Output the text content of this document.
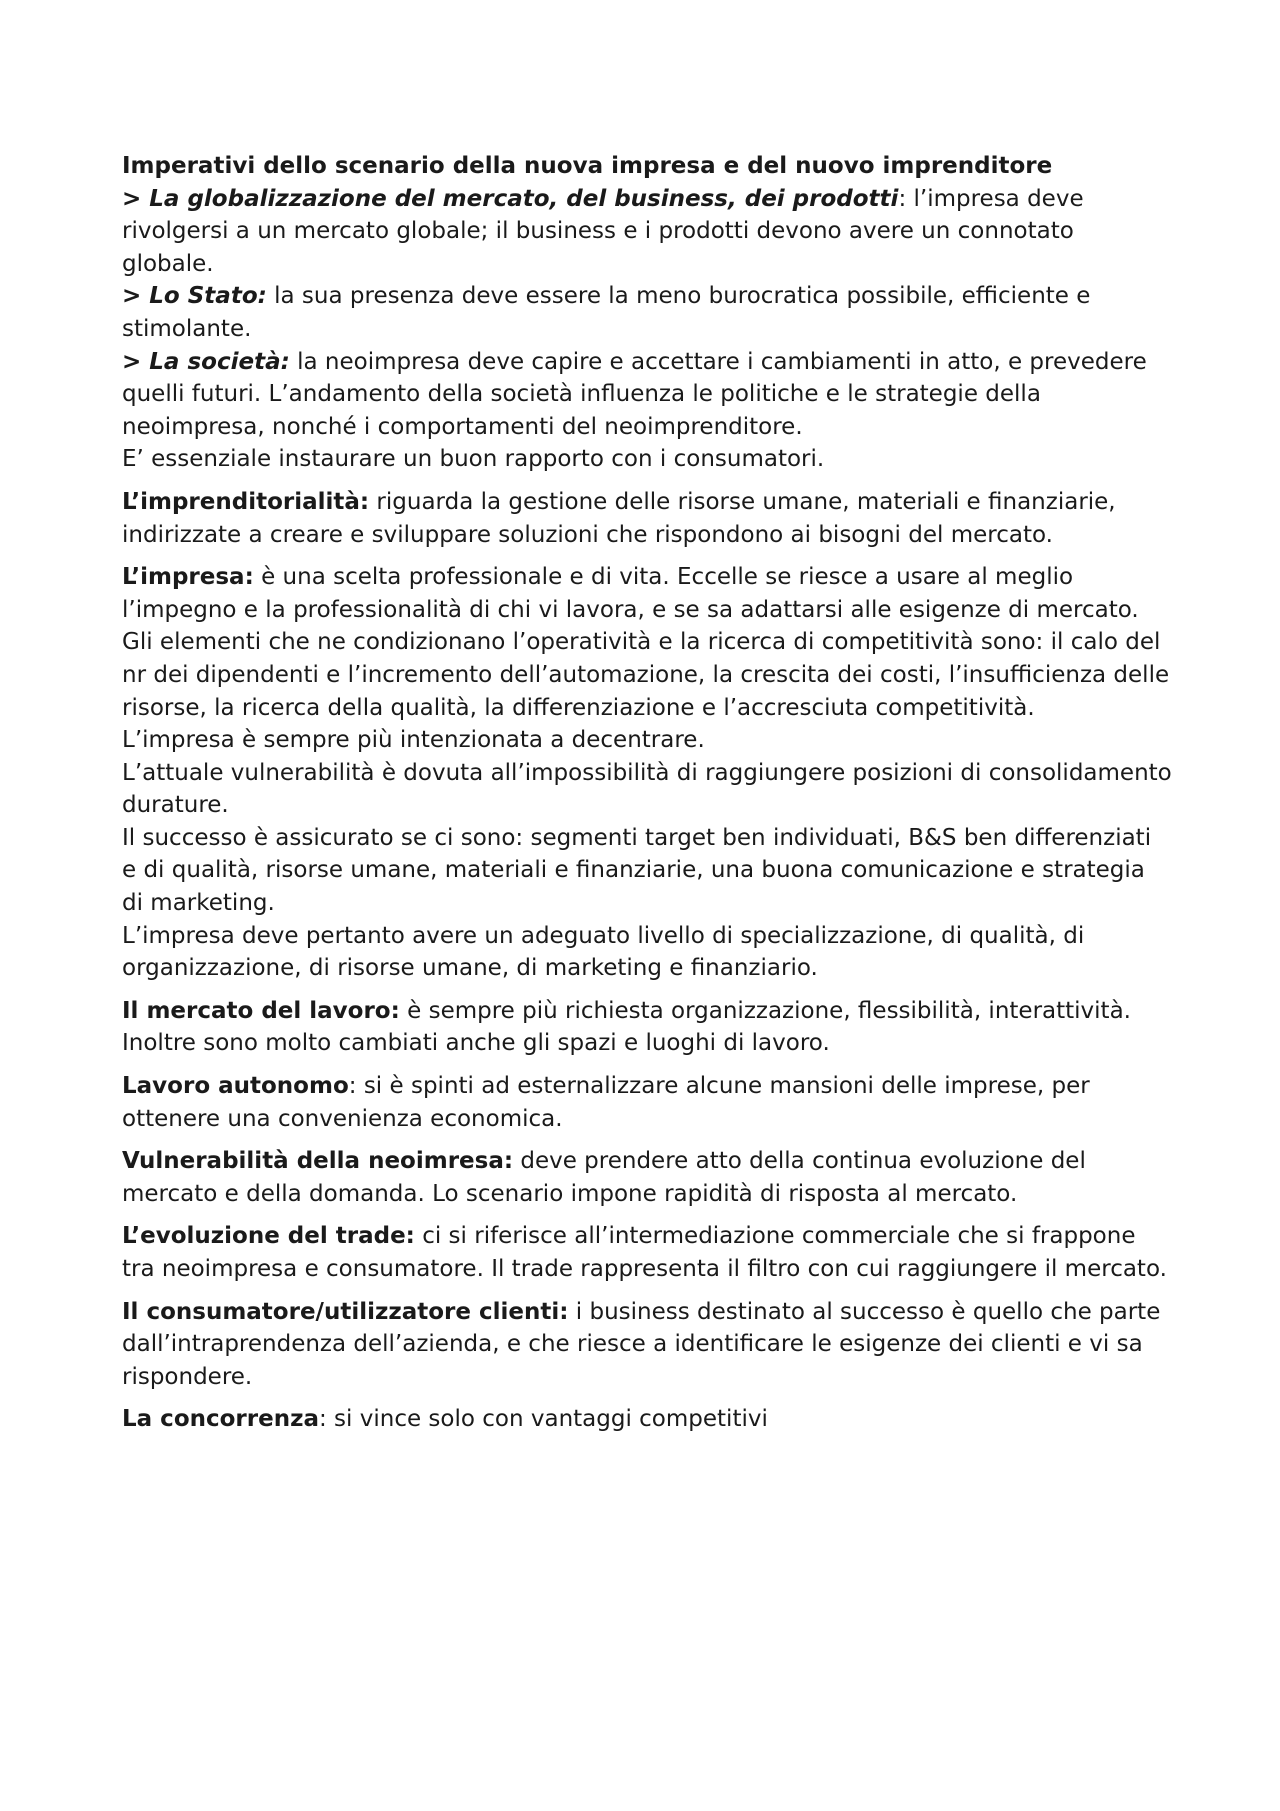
Imperativi dello scenario della nuova impresa e del nuovo imprenditore

> La globalizzazione del mercato, del business, dei prodotti: l’impresa deve rivolgersi a un mercato globale; il business e i prodotti devono avere un connotato globale.
> Lo Stato: la sua presenza deve essere la meno burocratica possibile, efficiente e stimolante.
> La società: la neoimpresa deve capire e accettare i cambiamenti in atto, e prevedere quelli futuri. L’andamento della società influenza le politiche e le strategie della neoimpresa, nonché i comportamenti del neoimprenditore.
E’ essenziale instaurare un buon rapporto con i consumatori.

L’imprenditorialità: riguarda la gestione delle risorse umane, materiali e finanziarie, indirizzate a creare e sviluppare soluzioni che rispondono ai bisogni del mercato.

L’impresa: è una scelta professionale e di vita. Eccelle se riesce a usare al meglio l’impegno e la professionalità di chi vi lavora, e se sa adattarsi alle esigenze di mercato.
Gli elementi che ne condizionano l’operatività e la ricerca di competitività sono: il calo del nr dei dipendenti e l’incremento dell’automazione, la crescita dei costi, l’insufficienza delle risorse, la ricerca della qualità, la differenziazione e l’accresciuta competitività.
L’impresa è sempre più intenzionata a decentrare.
L’attuale vulnerabilità è dovuta all’impossibilità di raggiungere posizioni di consolidamento durature.
Il successo è assicurato se ci sono: segmenti target ben individuati, B&S ben differenziati e di qualità, risorse umane, materiali e finanziarie, una buona comunicazione e strategia di marketing.
L’impresa deve pertanto avere un adeguato livello di specializzazione, di qualità, di organizzazione, di risorse umane, di marketing e finanziario.

Il mercato del lavoro: è sempre più richiesta organizzazione, flessibilità, interattività. Inoltre sono molto cambiati anche gli spazi e luoghi di lavoro.

Lavoro autonomo: si è spinti ad esternalizzare alcune mansioni delle imprese, per ottenere una convenienza economica.

Vulnerabilità della neoimresa: deve prendere atto della continua evoluzione del mercato e della domanda. Lo scenario impone rapidità di risposta al mercato.

L’evoluzione del trade: ci si riferisce all’intermediazione commerciale che si frappone tra neoimpresa e consumatore. Il trade rappresenta il filtro con cui raggiungere il mercato.

Il consumatore/utilizzatore clienti: i business destinato al successo è quello che parte dall’intraprendenza dell’azienda, e che riesce a identificare le esigenze dei clienti e vi sa rispondere.

La concorrenza: si vince solo con vantaggi competitivi
